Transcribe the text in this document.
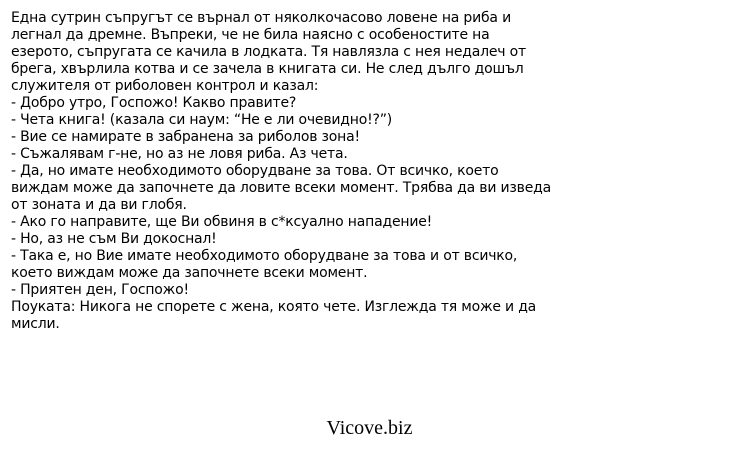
Една сутрин съпругът се върнал от няколкочасово ловене на риба и
легнал да дремне. Въпреки, че не била наясно с особеностите на
езерото, съпругата се качила в лодката. Тя навлязла с нея недалеч от
брега, хвърлила котва и се зачела в книгата си. Не след дълго дошъл
служителя от риболовен контрол и казал:
- Добро утро, Госпожо! Какво правите?
- Чета книга! (казала си наум: “Не е ли очевидно!?”)
- Вие се намирате в забранена за риболов зона!
- Съжалявам г-не, но аз не ловя риба. Аз чета.
- Да, но имате необходимото оборудване за това. От всичко, което
виждам може да започнете да ловите всеки момент. Трябва да ви изведа
от зоната и да ви глобя.
- Ако го направите, ще Ви обвиня в с*ксуално нападение!
- Но, аз не съм Ви докоснал!
- Така е, но Вие имате необходимото оборудване за това и от всичко,
което виждам може да започнете всеки момент.
- Приятен ден, Госпожо!
Поуката: Никога не спорете с жена, която чете. Изглежда тя може и да
мисли.
Vicove.biz
